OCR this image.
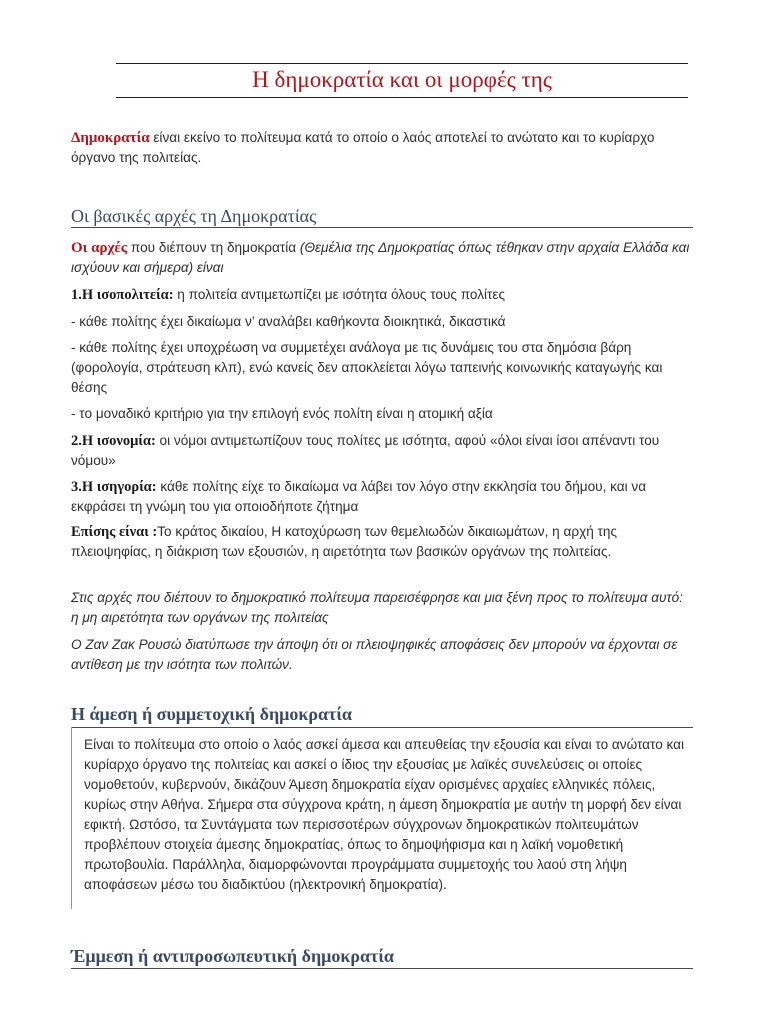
Η δημοκρατία και οι μορφές της
Δημοκρατία είναι εκείνο το πολίτευμα κατά το οποίο ο λαός αποτελεί το ανώτατο και το κυρίαρχο όργανο της πολιτείας.
Οι βασικές αρχές τη Δημοκρατίας
Οι αρχές που διέπουν τη δημοκρατία (Θεμέλια της Δημοκρατίας όπως τέθηκαν στην αρχαία Ελλάδα και ισχύουν και σήμερα) είναι
1.Η ισοπολιτεία: η πολιτεία αντιμετωπίζει με ισότητα όλους τους πολίτες
- κάθε πολίτης έχει δικαίωμα ν’ αναλάβει καθήκοντα διοικητικά, δικαστικά
- κάθε πολίτης έχει υποχρέωση να συμμετέχει ανάλογα με τις δυνάμεις του στα δημόσια βάρη (φορολογία, στράτευση κλπ), ενώ κανείς δεν αποκλείεται λόγω ταπεινής κοινωνικής καταγωγής και θέσης
- το μοναδικό κριτήριο για την επιλογή ενός πολίτη είναι η ατομική αξία
2.Η ισονομία: οι νόμοι αντιμετωπίζουν τους πολίτες με ισότητα, αφού «όλοι είναι ίσοι απέναντι του νόμου»
3.Η ισηγορία: κάθε πολίτης είχε το δικαίωμα να λάβει τον λόγο στην εκκλησία του δήμου, και να εκφράσει τη γνώμη του για οποιοδήποτε ζήτημα
Επίσης είναι :Το κράτος δικαίου, Η κατοχύρωση των θεμελιωδών δικαιωμάτων, η αρχή της πλειοψηφίας, η διάκριση των εξουσιών, η αιρετότητα των βασικών οργάνων της πολιτείας.
Στις αρχές που διέπουν το δημοκρατικό πολίτευμα παρεισέφρησε και μια ξένη προς το πολίτευμα αυτό: η μη αιρετότητα των οργάνων της πολιτείας
Ο Ζαν Ζακ Ρουσώ διατύπωσε την άποψη ότι οι πλειοψηφικές αποφάσεις δεν μπορούν να έρχονται σε αντίθεση με την ισότητα των πολιτών.
Η άμεση ή συμμετοχική δημοκρατία
Είναι το πολίτευμα στο οποίο ο λαός ασκεί άμεσα και απευθείας την εξουσία και είναι το ανώτατο και κυρίαρχο όργανο της πολιτείας και ασκεί ο ίδιος την εξουσίας με λαϊκές συνελεύσεις οι οποίες νομοθετούν, κυβερνούν, δικάζουν Άμεση δημοκρατία είχαν ορισμένες αρχαίες ελληνικές πόλεις, κυρίως στην Αθήνα. Σήμερα στα σύγχρονα κράτη, η άμεση δημοκρατία με αυτήν τη μορφή δεν είναι εφικτή. Ωστόσο, τα Συντάγματα των περισσοτέρων σύγχρονων δημοκρατικών πολιτευμάτων προβλέπουν στοιχεία άμεσης δημοκρατίας, όπως το δημοψήφισμα και η λαϊκή νομοθετική πρωτοβουλία. Παράλληλα, διαμορφώνονται προγράμματα συμμετοχής του λαού στη λήψη αποφάσεων μέσω του διαδικτύου (ηλεκτρονική δημοκρατία).
Έμμεση ή αντιπροσωπευτική δημοκρατία
